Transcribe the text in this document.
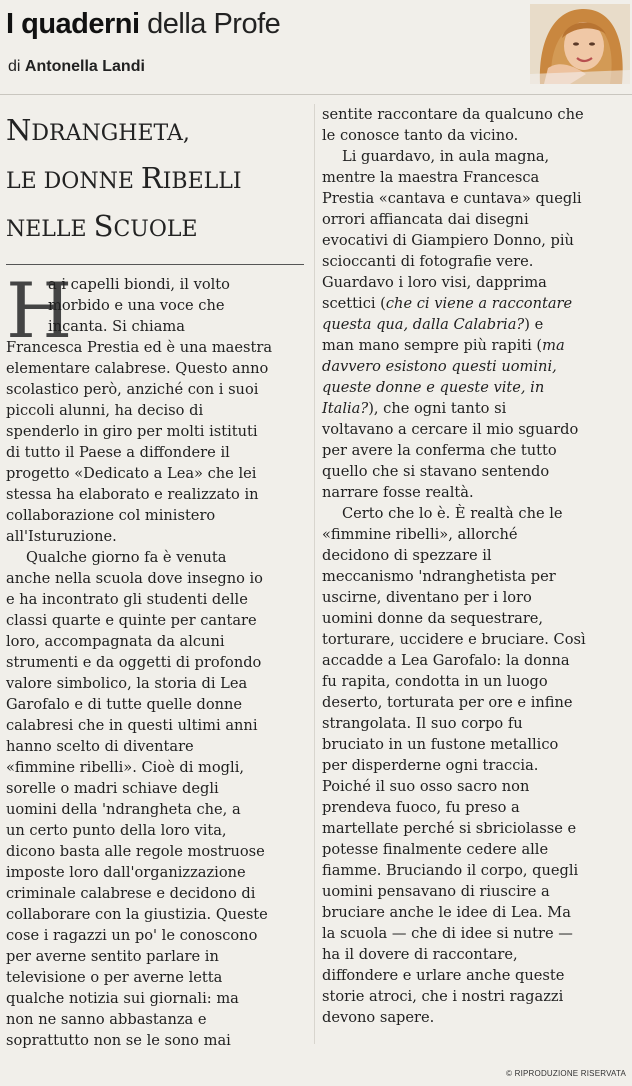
I quaderni della Profe
di Antonella Landi
NDRANGHETA,
LE DONNE RIBELLI
NELLE SCUOLE
H
a i capelli biondi, il volto
morbido e una voce che
incanta. Si chiama
Francesca Prestia ed è una maestra
elementare calabrese. Questo anno
scolastico però, anziché con i suoi
piccoli alunni, ha deciso di
spenderlo in giro per molti istituti
di tutto il Paese a diffondere il
progetto «Dedicato a Lea» che lei
stessa ha elaborato e realizzato in
collaborazione col ministero
all'Isturuzione.
Qualche giorno fa è venuta
anche nella scuola dove insegno io
e ha incontrato gli studenti delle
classi quarte e quinte per cantare
loro, accompagnata da alcuni
strumenti e da oggetti di profondo
valore simbolico, la storia di Lea
Garofalo e di tutte quelle donne
calabresi che in questi ultimi anni
hanno scelto di diventare
«fimmine ribelli». Cioè di mogli,
sorelle o madri schiave degli
uomini della 'ndrangheta che, a
un certo punto della loro vita,
dicono basta alle regole mostruose
imposte loro dall'organizzazione
criminale calabrese e decidono di
collaborare con la giustizia. Queste
cose i ragazzi un po' le conoscono
per averne sentito parlare in
televisione o per averne letta
qualche notizia sui giornali: ma
non ne sanno abbastanza e
soprattutto non se le sono mai
sentite raccontare da qualcuno che
le conosce tanto da vicino.
Li guardavo, in aula magna,
mentre la maestra Francesca
Prestia «cantava e cuntava» quegli
orrori affiancata dai disegni
evocativi di Giampiero Donno, più
scioccanti di fotografie vere.
Guardavo i loro visi, dapprima
scettici (che ci viene a raccontare
questa qua, dalla Calabria?) e
man mano sempre più rapiti (ma
davvero esistono questi uomini,
queste donne e queste vite, in
Italia?), che ogni tanto si
voltavano a cercare il mio sguardo
per avere la conferma che tutto
quello che si stavano sentendo
narrare fosse realtà.
Certo che lo è. È realtà che le
«fimmine ribelli», allorché
decidono di spezzare il
meccanismo 'ndranghetista per
uscirne, diventano per i loro
uomini donne da sequestrare,
torturare, uccidere e bruciare. Così
accadde a Lea Garofalo: la donna
fu rapita, condotta in un luogo
deserto, torturata per ore e infine
strangolata. Il suo corpo fu
bruciato in un fustone metallico
per disperderne ogni traccia.
Poiché il suo osso sacro non
prendeva fuoco, fu preso a
martellate perché si sbriciolasse e
potesse finalmente cedere alle
fiamme. Bruciando il corpo, quegli
uomini pensavano di riuscire a
bruciare anche le idee di Lea. Ma
la scuola — che di idee si nutre —
ha il dovere di raccontare,
diffondere e urlare anche queste
storie atroci, che i nostri ragazzi
devono sapere.
© RIPRODUZIONE RISERVATA
